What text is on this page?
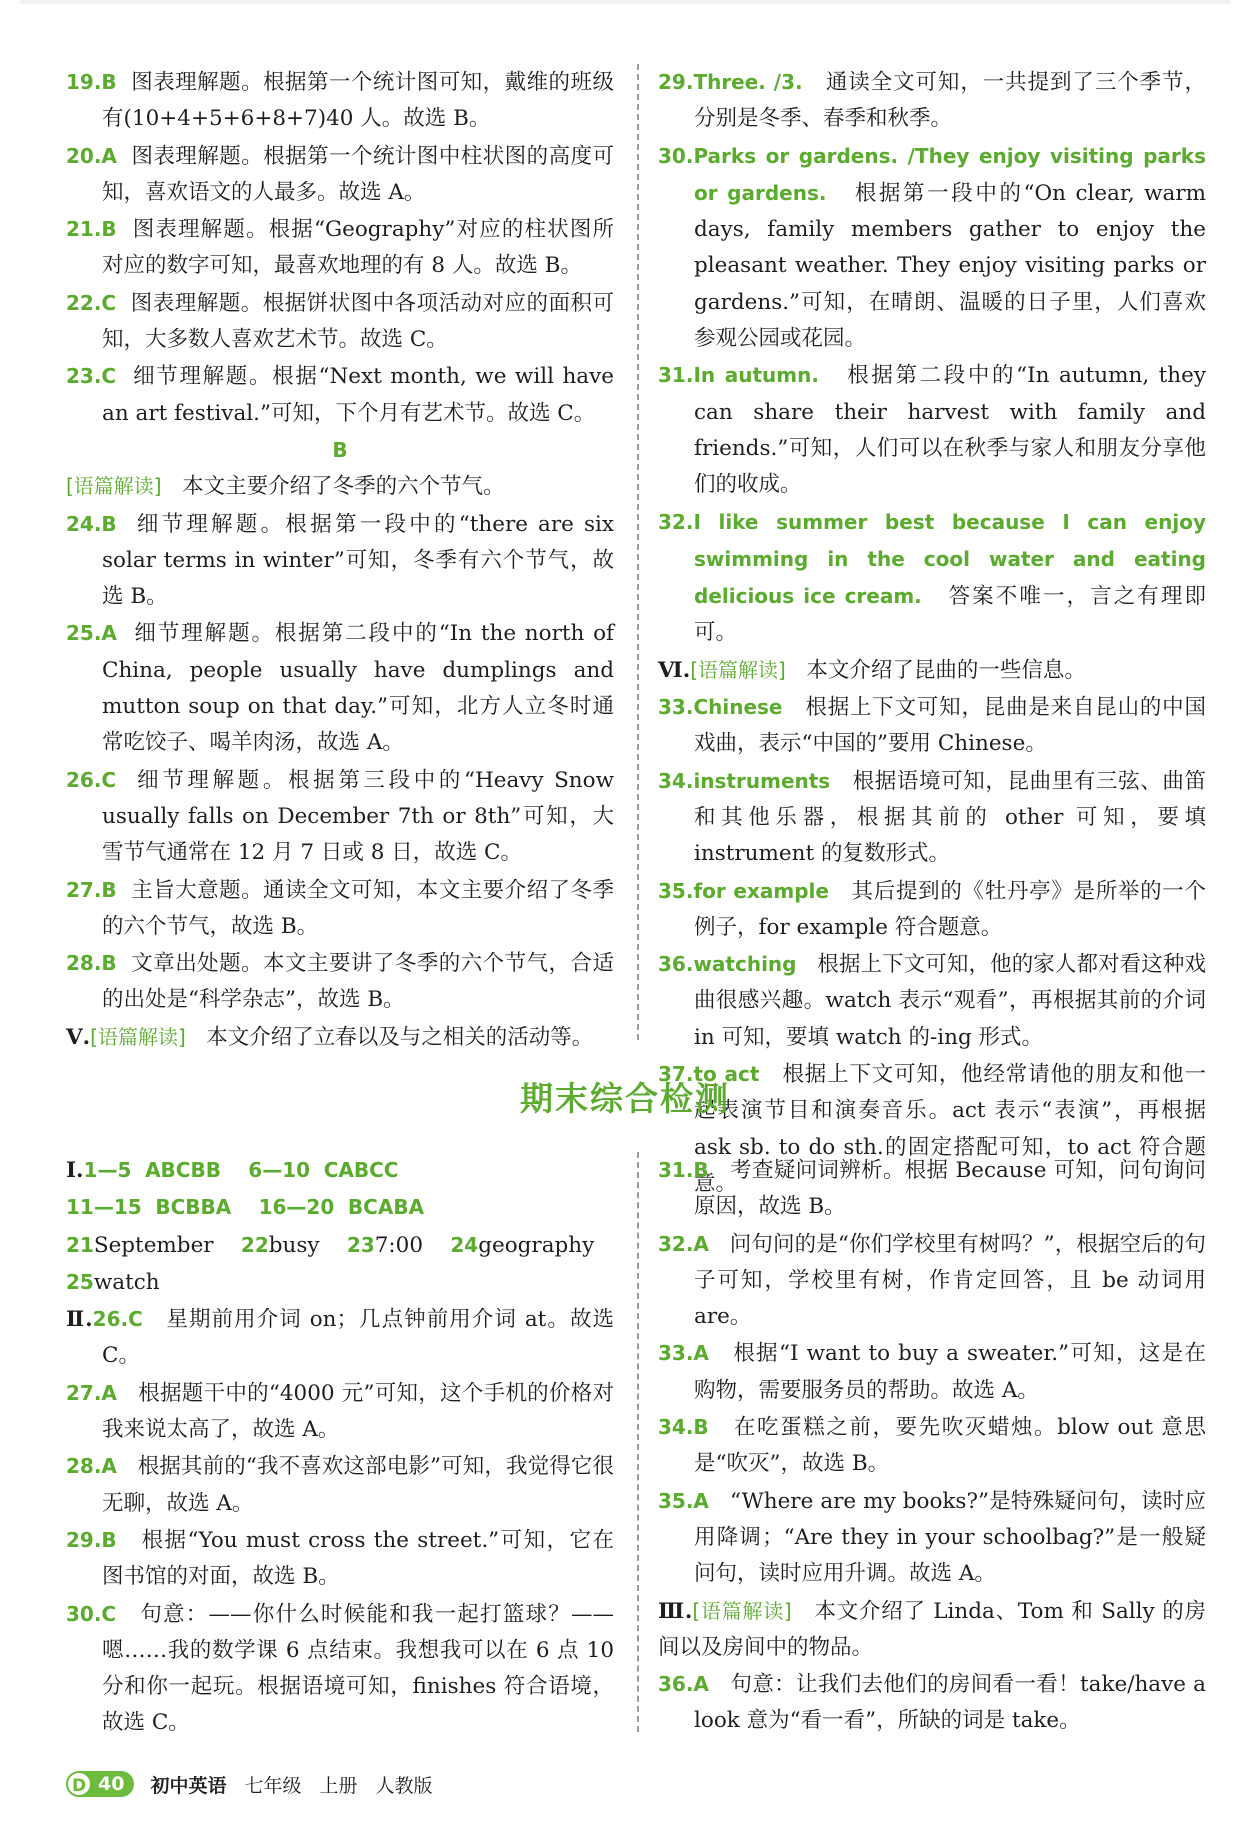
19.B 图表理解题。根据第一个统计图可知，戴维的班级有(10+4+5+6+8+7)40 人。故选 B。

20.A 图表理解题。根据第一个统计图中柱状图的高度可知，喜欢语文的人最多。故选 A。

21.B 图表理解题。根据“Geography”对应的柱状图所对应的数字可知，最喜欢地理的有 8 人。故选 B。

22.C 图表理解题。根据饼状图中各项活动对应的面积可知，大多数人喜欢艺术节。故选 C。

23.C 细节理解题。根据“Next month, we will have an art festival.”可知，下个月有艺术节。故选 C。

B

[语篇解读] 本文主要介绍了冬季的六个节气。

24.B 细节理解题。根据第一段中的“there are six solar terms in winter”可知，冬季有六个节气，故选 B。

25.A 细节理解题。根据第二段中的“In the north of China, people usually have dumplings and mutton soup on that day.”可知，北方人立冬时通常吃饺子、喝羊肉汤，故选 A。

26.C 细节理解题。根据第三段中的“Heavy Snow usually falls on December 7th or 8th”可知，大雪节气通常在 12 月 7 日或 8 日，故选 C。

27.B 主旨大意题。通读全文可知，本文主要介绍了冬季的六个节气，故选 B。

28.B 文章出处题。本文主要讲了冬季的六个节气，合适的出处是“科学杂志”，故选 B。

Ⅴ.[语篇解读] 本文介绍了立春以及与之相关的活动等。

29.Three. /3. 通读全文可知，一共提到了三个季节，分别是冬季、春季和秋季。

30.Parks or gardens. /They enjoy visiting parks or gardens. 根据第一段中的“On clear, warm days, family members gather to enjoy the pleasant weather. They enjoy visiting parks or gardens.”可知，在晴朗、温暖的日子里，人们喜欢参观公园或花园。

31.In autumn. 根据第二段中的“In autumn, they can share their harvest with family and friends.”可知，人们可以在秋季与家人和朋友分享他们的收成。

32.I like summer best because I can enjoy swimming in the cool water and eating delicious ice cream. 答案不唯一，言之有理即可。

Ⅵ.[语篇解读] 本文介绍了昆曲的一些信息。

33.Chinese 根据上下文可知，昆曲是来自昆山的中国戏曲，表示“中国的”要用 Chinese。

34.instruments 根据语境可知，昆曲里有三弦、曲笛和其他乐器，根据其前的 other 可知，要填 instrument 的复数形式。

35.for example 其后提到的《牡丹亭》是所举的一个例子，for example 符合题意。

36.watching 根据上下文可知，他的家人都对看这种戏曲很感兴趣。watch 表示“观看”，再根据其前的介词 in 可知，要填 watch 的-ing 形式。

37.to act 根据上下文可知，他经常请他的朋友和他一起表演节目和演奏音乐。act 表示“表演”，再根据 ask sb. to do sth.的固定搭配可知，to act 符合题意。

期末综合检测

Ⅰ.1—5 ABCBB 6—10 CABCC

11—15 BCBBA 16—20 BCABA

21September 22busy 237:00 24geography

25watch

Ⅱ.26.C 星期前用介词 on；几点钟前用介词 at。故选 C。

27.A 根据题干中的“4000 元”可知，这个手机的价格对我来说太高了，故选 A。

28.A 根据其前的“我不喜欢这部电影”可知，我觉得它很无聊，故选 A。

29.B 根据“You must cross the street.”可知，它在图书馆的对面，故选 B。

30.C 句意：——你什么时候能和我一起打篮球？——嗯……我的数学课 6 点结束。我想我可以在 6 点 10 分和你一起玩。根据语境可知，finishes 符合语境，故选 C。

31.B 考查疑问词辨析。根据 Because 可知，问句询问原因，故选 B。

32.A 问句问的是“你们学校里有树吗？”，根据空后的句子可知，学校里有树，作肯定回答，且 be 动词用 are。

33.A 根据“I want to buy a sweater.”可知，这是在购物，需要服务员的帮助。故选 A。

34.B 在吃蛋糕之前，要先吹灭蜡烛。blow out 意思是“吹灭”，故选 B。

35.A “Where are my books?”是特殊疑问句，读时应用降调；“Are they in your schoolbag?”是一般疑问句，读时应用升调。故选 A。

Ⅲ.[语篇解读] 本文介绍了 Linda、Tom 和 Sally 的房间以及房间中的物品。

36.A 句意：让我们去他们的房间看一看！take/have a look 意为“看一看”，所缺的词是 take。

D 40	初中英语 七年级 上册 人教版
